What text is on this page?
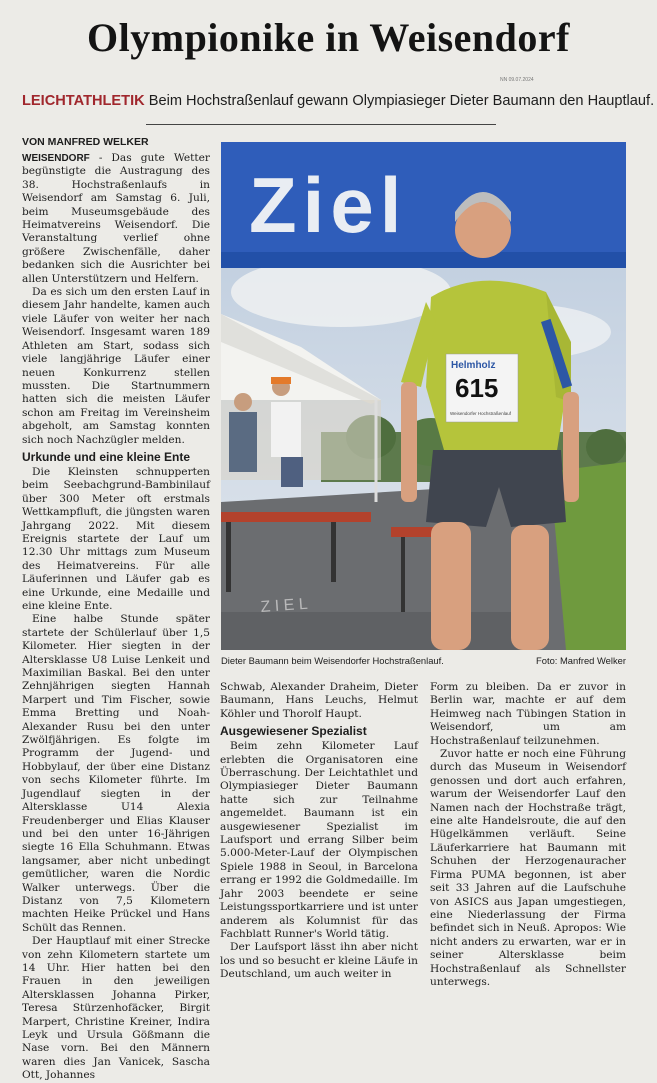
Olympionike in Weisendorf
NN 09.07.2024
LEICHTATHLETIK Beim Hochstraßenlauf gewann Olympiasieger Dieter Baumann den Hauptlauf.
VON MANFRED WELKER

WEISENDORF - Das gute Wetter begünstigte die Austragung des 38. Hochstraßenlaufs in Weisendorf am Samstag 6. Juli, beim Museumsgebäude des Heimatvereins Weisendorf. Die Veranstaltung verlief ohne größere Zwischenfälle, daher bedanken sich die Ausrichter bei allen Unterstützern und Helfern.

Da es sich um den ersten Lauf in diesem Jahr handelte, kamen auch viele Läufer von weiter her nach Weisendorf. Insgesamt waren 189 Athleten am Start, sodass sich viele langjährige Läufer einer neuen Konkurrenz stellen mussten. Die Startnummern hatten sich die meisten Läufer schon am Freitag im Vereinsheim abgeholt, am Samstag konnten sich noch Nachzügler melden.

Urkunde und eine kleine Ente

Die Kleinsten schnupperten beim Seebachgrund-Bambinilauf über 300 Meter oft erstmals Wettkampfluft, die jüngsten waren Jahrgang 2022. Mit diesem Ereignis startete der Lauf um 12.30 Uhr mittags zum Museum des Heimatvereins. Für alle Läuferinnen und Läufer gab es eine Urkunde, eine Medaille und eine kleine Ente.

Eine halbe Stunde später startete der Schülerlauf über 1,5 Kilometer. Hier siegten in der Altersklasse U8 Luise Lenkeit und Maximilian Baskal. Bei den unter Zehnjährigen siegten Hannah Marpert und Tim Fischer, sowie Emma Bretting und Noah-Alexander Rusu bei den unter Zwölfjährigen. Es folgte im Programm der Jugend- und Hobbylauf, der über eine Distanz von sechs Kilometer führte. Im Jugendlauf siegten in der Altersklasse U14 Alexia Freudenberger und Elias Klauser und bei den unter 16-Jährigen siegte 16 Ella Schuhmann. Etwas langsamer, aber nicht unbedingt gemütlicher, waren die Nordic Walker unterwegs. Über die Distanz von 7,5 Kilometern machten Heike Prückel und Hans Schült das Rennen.

Der Hauptlauf mit einer Strecke von zehn Kilometern startete um 14 Uhr. Hier hatten bei den Frauen in den jeweiligen Altersklassen Johanna Pirker, Teresa Stürzenhofäcker, Birgit Marpert, Christine Kreiner, Indira Leyk und Ursula Gößmann die Nase vorn. Bei den Männern waren dies Jan Vanicek, Sascha Ott, Johannes

Z I E L
Ziel
Helmholz
615
Weisendorfer Hochstraßenlauf
Dieter Baumann beim Weisendorfer Hochstraßenlauf.	Foto: Manfred Welker

Schwab, Alexander Draheim, Dieter Baumann, Hans Leuchs, Helmut Köhler und Thorolf Haupt.

Ausgewiesener Spezialist

Beim zehn Kilometer Lauf erlebten die Organisatoren eine Überraschung. Der Leichtathlet und Olympiasieger Dieter Baumann hatte sich zur Teilnahme angemeldet. Baumann ist ein ausgewiesener Spezialist im Laufsport und errang Silber beim 5.000-Meter-Lauf der Olympischen Spiele 1988 in Seoul, in Barcelona errang er 1992 die Goldmedaille. Im Jahr 2003 beendete er seine Leistungssportkarriere und ist unter anderem als Kolumnist für das Fachblatt Runner's World tätig.

Der Laufsport lässt ihn aber nicht los und so besucht er kleine Läufe in Deutschland, um auch weiter in

Form zu bleiben. Da er zuvor in Berlin war, machte er auf dem Heimweg nach Tübingen Station in Weisendorf, um am Hochstraßenlauf teilzunehmen.

Zuvor hatte er noch eine Führung durch das Museum in Weisendorf genossen und dort auch erfahren, warum der Weisendorfer Lauf den Namen nach der Hochstraße trägt, eine alte Handelsroute, die auf den Hügelkämmen verläuft. Seine Läuferkarriere hat Baumann mit Schuhen der Herzogenauracher Firma PUMA begonnen, ist aber seit 33 Jahren auf die Laufschuhe von ASICS aus Japan umgestiegen, eine Niederlassung der Firma befindet sich in Neuß. Apropos: Wie nicht anders zu erwarten, war er in seiner Altersklasse beim Hochstraßenlauf als Schnellster unterwegs.
